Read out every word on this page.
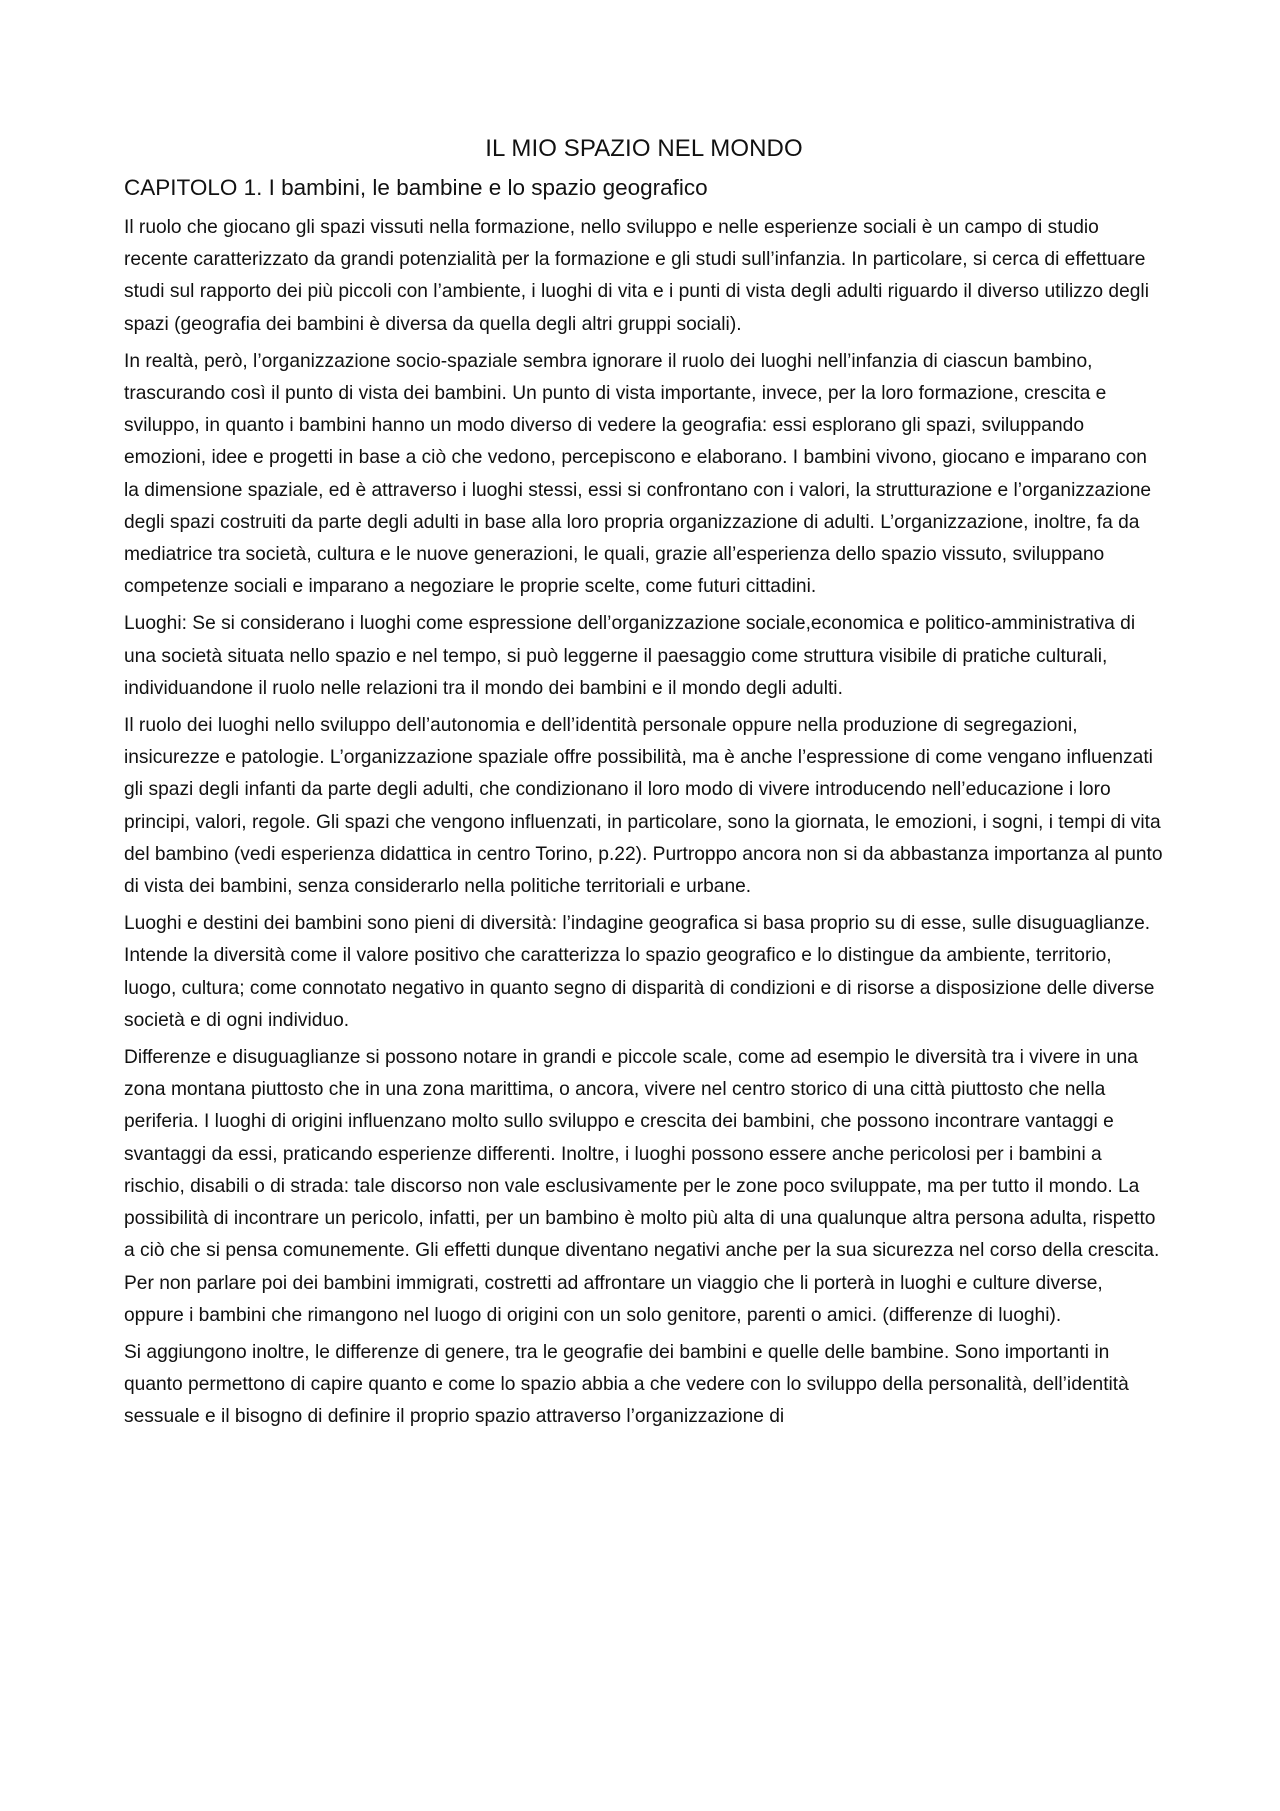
IL MIO SPAZIO NEL MONDO
CAPITOLO 1. I bambini, le bambine e lo spazio geografico

Il ruolo che giocano gli spazi vissuti nella formazione, nello sviluppo e nelle esperienze sociali è un campo di studio recente caratterizzato da grandi potenzialità per la formazione e gli studi sull’infanzia. In particolare, si cerca di effettuare studi sul rapporto dei più piccoli con l’ambiente, i luoghi di vita e i punti di vista degli adulti riguardo il diverso utilizzo degli spazi (geografia dei bambini è diversa da quella degli altri gruppi sociali).

In realtà, però, l’organizzazione socio-spaziale sembra ignorare il ruolo dei luoghi nell’infanzia di ciascun bambino, trascurando così il punto di vista dei bambini. Un punto di vista importante, invece, per la loro formazione, crescita e sviluppo, in quanto i bambini hanno un modo diverso di vedere la geografia: essi esplorano gli spazi, sviluppando emozioni, idee e progetti in base a ciò che vedono, percepiscono e elaborano. I bambini vivono, giocano e imparano con la dimensione spaziale, ed è attraverso i luoghi stessi, essi si confrontano con i valori, la strutturazione e l’organizzazione degli spazi costruiti da parte degli adulti in base alla loro propria organizzazione di adulti. L’organizzazione, inoltre, fa da mediatrice tra società, cultura e le nuove generazioni, le quali, grazie all’esperienza dello spazio vissuto, sviluppano competenze sociali e imparano a negoziare le proprie scelte, come futuri cittadini.

Luoghi: Se si considerano i luoghi come espressione dell’organizzazione sociale,economica e politico-amministrativa di una società situata nello spazio e nel tempo, si può leggerne il paesaggio come struttura visibile di pratiche culturali, individuandone il ruolo nelle relazioni tra il mondo dei bambini e il mondo degli adulti.

Il ruolo dei luoghi nello sviluppo dell’autonomia e dell’identità personale oppure nella produzione di segregazioni, insicurezze e patologie. L’organizzazione spaziale offre possibilità, ma è anche l’espressione di come vengano influenzati gli spazi degli infanti da parte degli adulti, che condizionano il loro modo di vivere introducendo nell’educazione i loro principi, valori, regole. Gli spazi che vengono influenzati, in particolare, sono la giornata, le emozioni, i sogni, i tempi di vita del bambino (vedi esperienza didattica in centro Torino, p.22). Purtroppo ancora non si da abbastanza importanza al punto di vista dei bambini, senza considerarlo nella politiche territoriali e urbane.

Luoghi e destini dei bambini sono pieni di diversità: l’indagine geografica si basa proprio su di esse, sulle disuguaglianze. Intende la diversità come il valore positivo che caratterizza lo spazio geografico e lo distingue da ambiente, territorio, luogo, cultura; come connotato negativo in quanto segno di disparità di condizioni e di risorse a disposizione delle diverse società e di ogni individuo.

Differenze e disuguaglianze si possono notare in grandi e piccole scale, come ad esempio le diversità tra i vivere in una zona montana piuttosto che in una zona marittima, o ancora, vivere nel centro storico di una città piuttosto che nella periferia. I luoghi di origini influenzano molto sullo sviluppo e crescita dei bambini, che possono incontrare vantaggi e svantaggi da essi, praticando esperienze differenti. Inoltre, i luoghi possono essere anche pericolosi per i bambini a rischio, disabili o di strada: tale discorso non vale esclusivamente per le zone poco sviluppate, ma per tutto il mondo. La possibilità di incontrare un pericolo, infatti, per un bambino è molto più alta di una qualunque altra persona adulta, rispetto a ciò che si pensa comunemente. Gli effetti dunque diventano negativi anche per la sua sicurezza nel corso della crescita. Per non parlare poi dei bambini immigrati, costretti ad affrontare un viaggio che li porterà in luoghi e culture diverse, oppure i bambini che rimangono nel luogo di origini con un solo genitore, parenti o amici. (differenze di luoghi).

Si aggiungono inoltre, le differenze di genere, tra le geografie dei bambini e quelle delle bambine. Sono importanti in quanto permettono di capire quanto e come lo spazio abbia a che vedere con lo sviluppo della personalità, dell’identità sessuale e il bisogno di definire il proprio spazio attraverso l’organizzazione di
